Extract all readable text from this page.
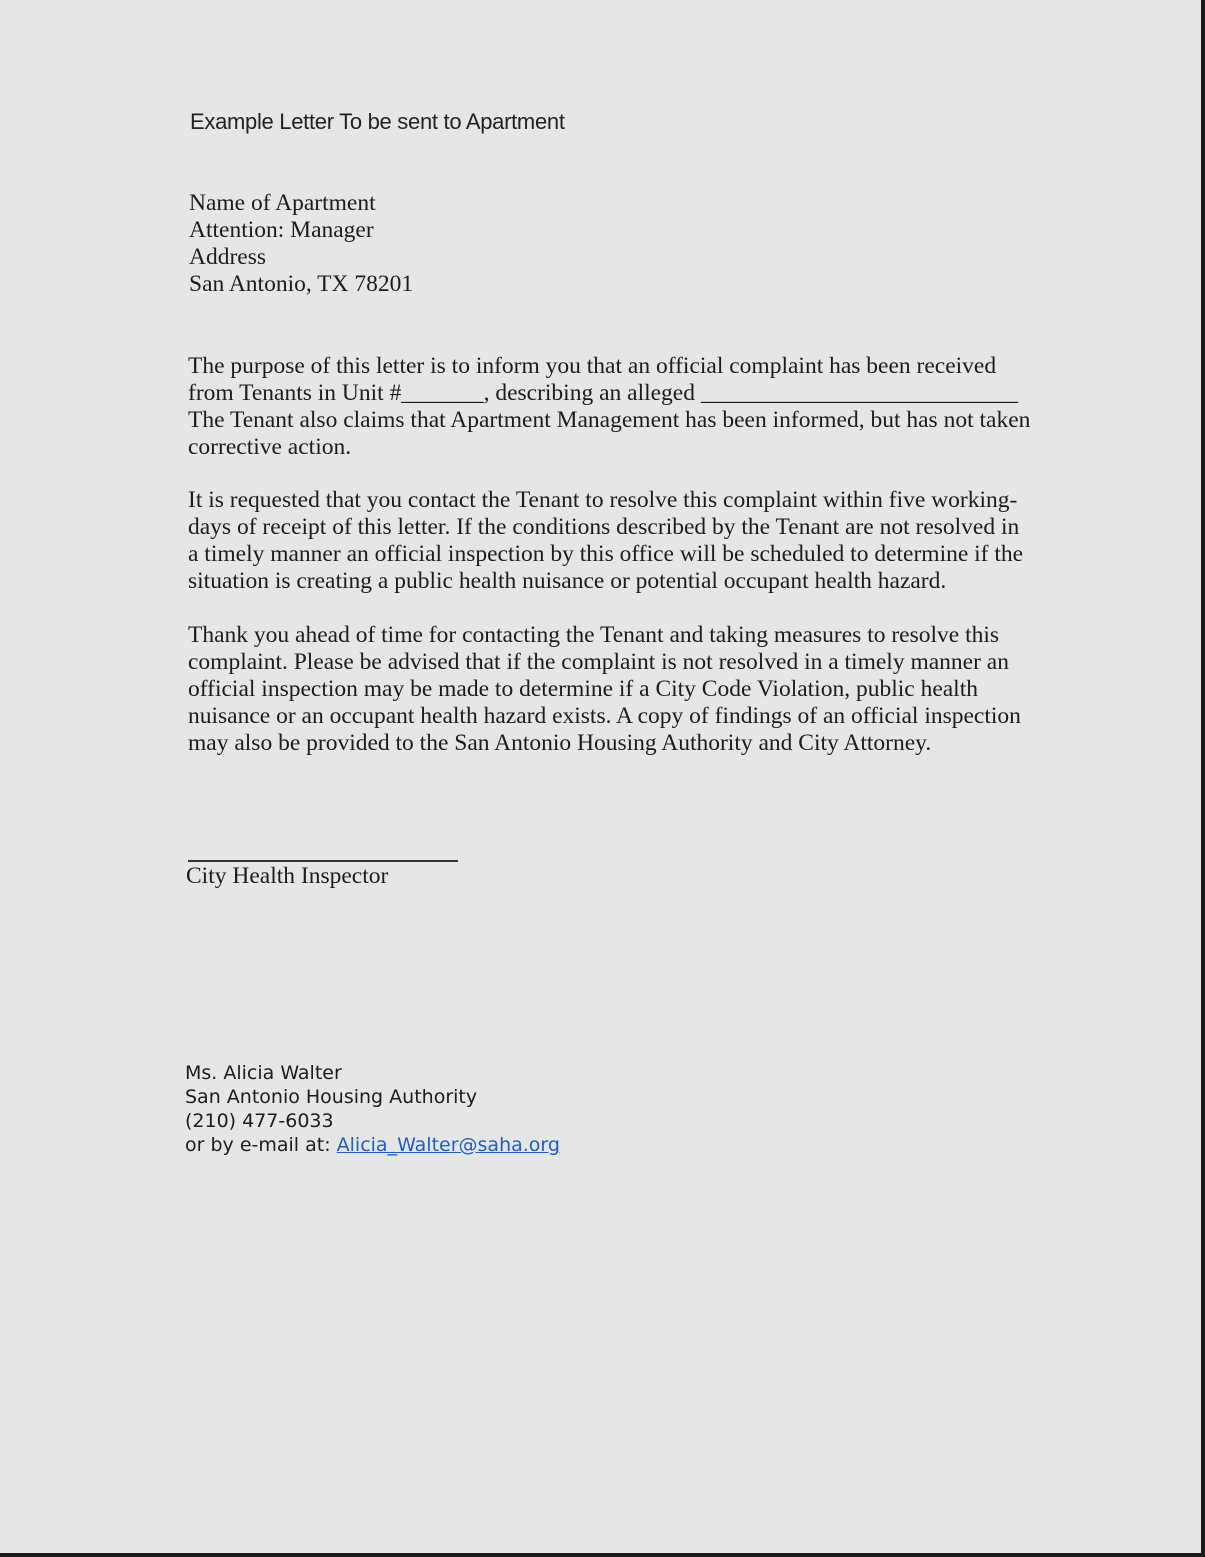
Example Letter To be sent to Apartment
Name of Apartment
Attention: Manager
Address
San Antonio, TX 78201
The purpose of this letter is to inform you that an official complaint has been received
from Tenants in Unit #_______, describing an alleged ___________________________
The Tenant also claims that Apartment Management has been informed, but has not taken
corrective action.
It is requested that you contact the Tenant to resolve this complaint within five working-
days of receipt of this letter. If the conditions described by the Tenant are not resolved in
a timely manner an official inspection by this office will be scheduled to determine if the
situation is creating a public health nuisance or potential occupant health hazard.
Thank you ahead of time for contacting the Tenant and taking measures to resolve this
complaint. Please be advised that if the complaint is not resolved in a timely manner an
official inspection may be made to determine if a City Code Violation, public health
nuisance or an occupant health hazard exists. A copy of findings of an official inspection
may also be provided to the San Antonio Housing Authority and City Attorney.
City Health Inspector
Ms. Alicia Walter
San Antonio Housing Authority
(210) 477-6033
or by e-mail at: Alicia_Walter@saha.org
